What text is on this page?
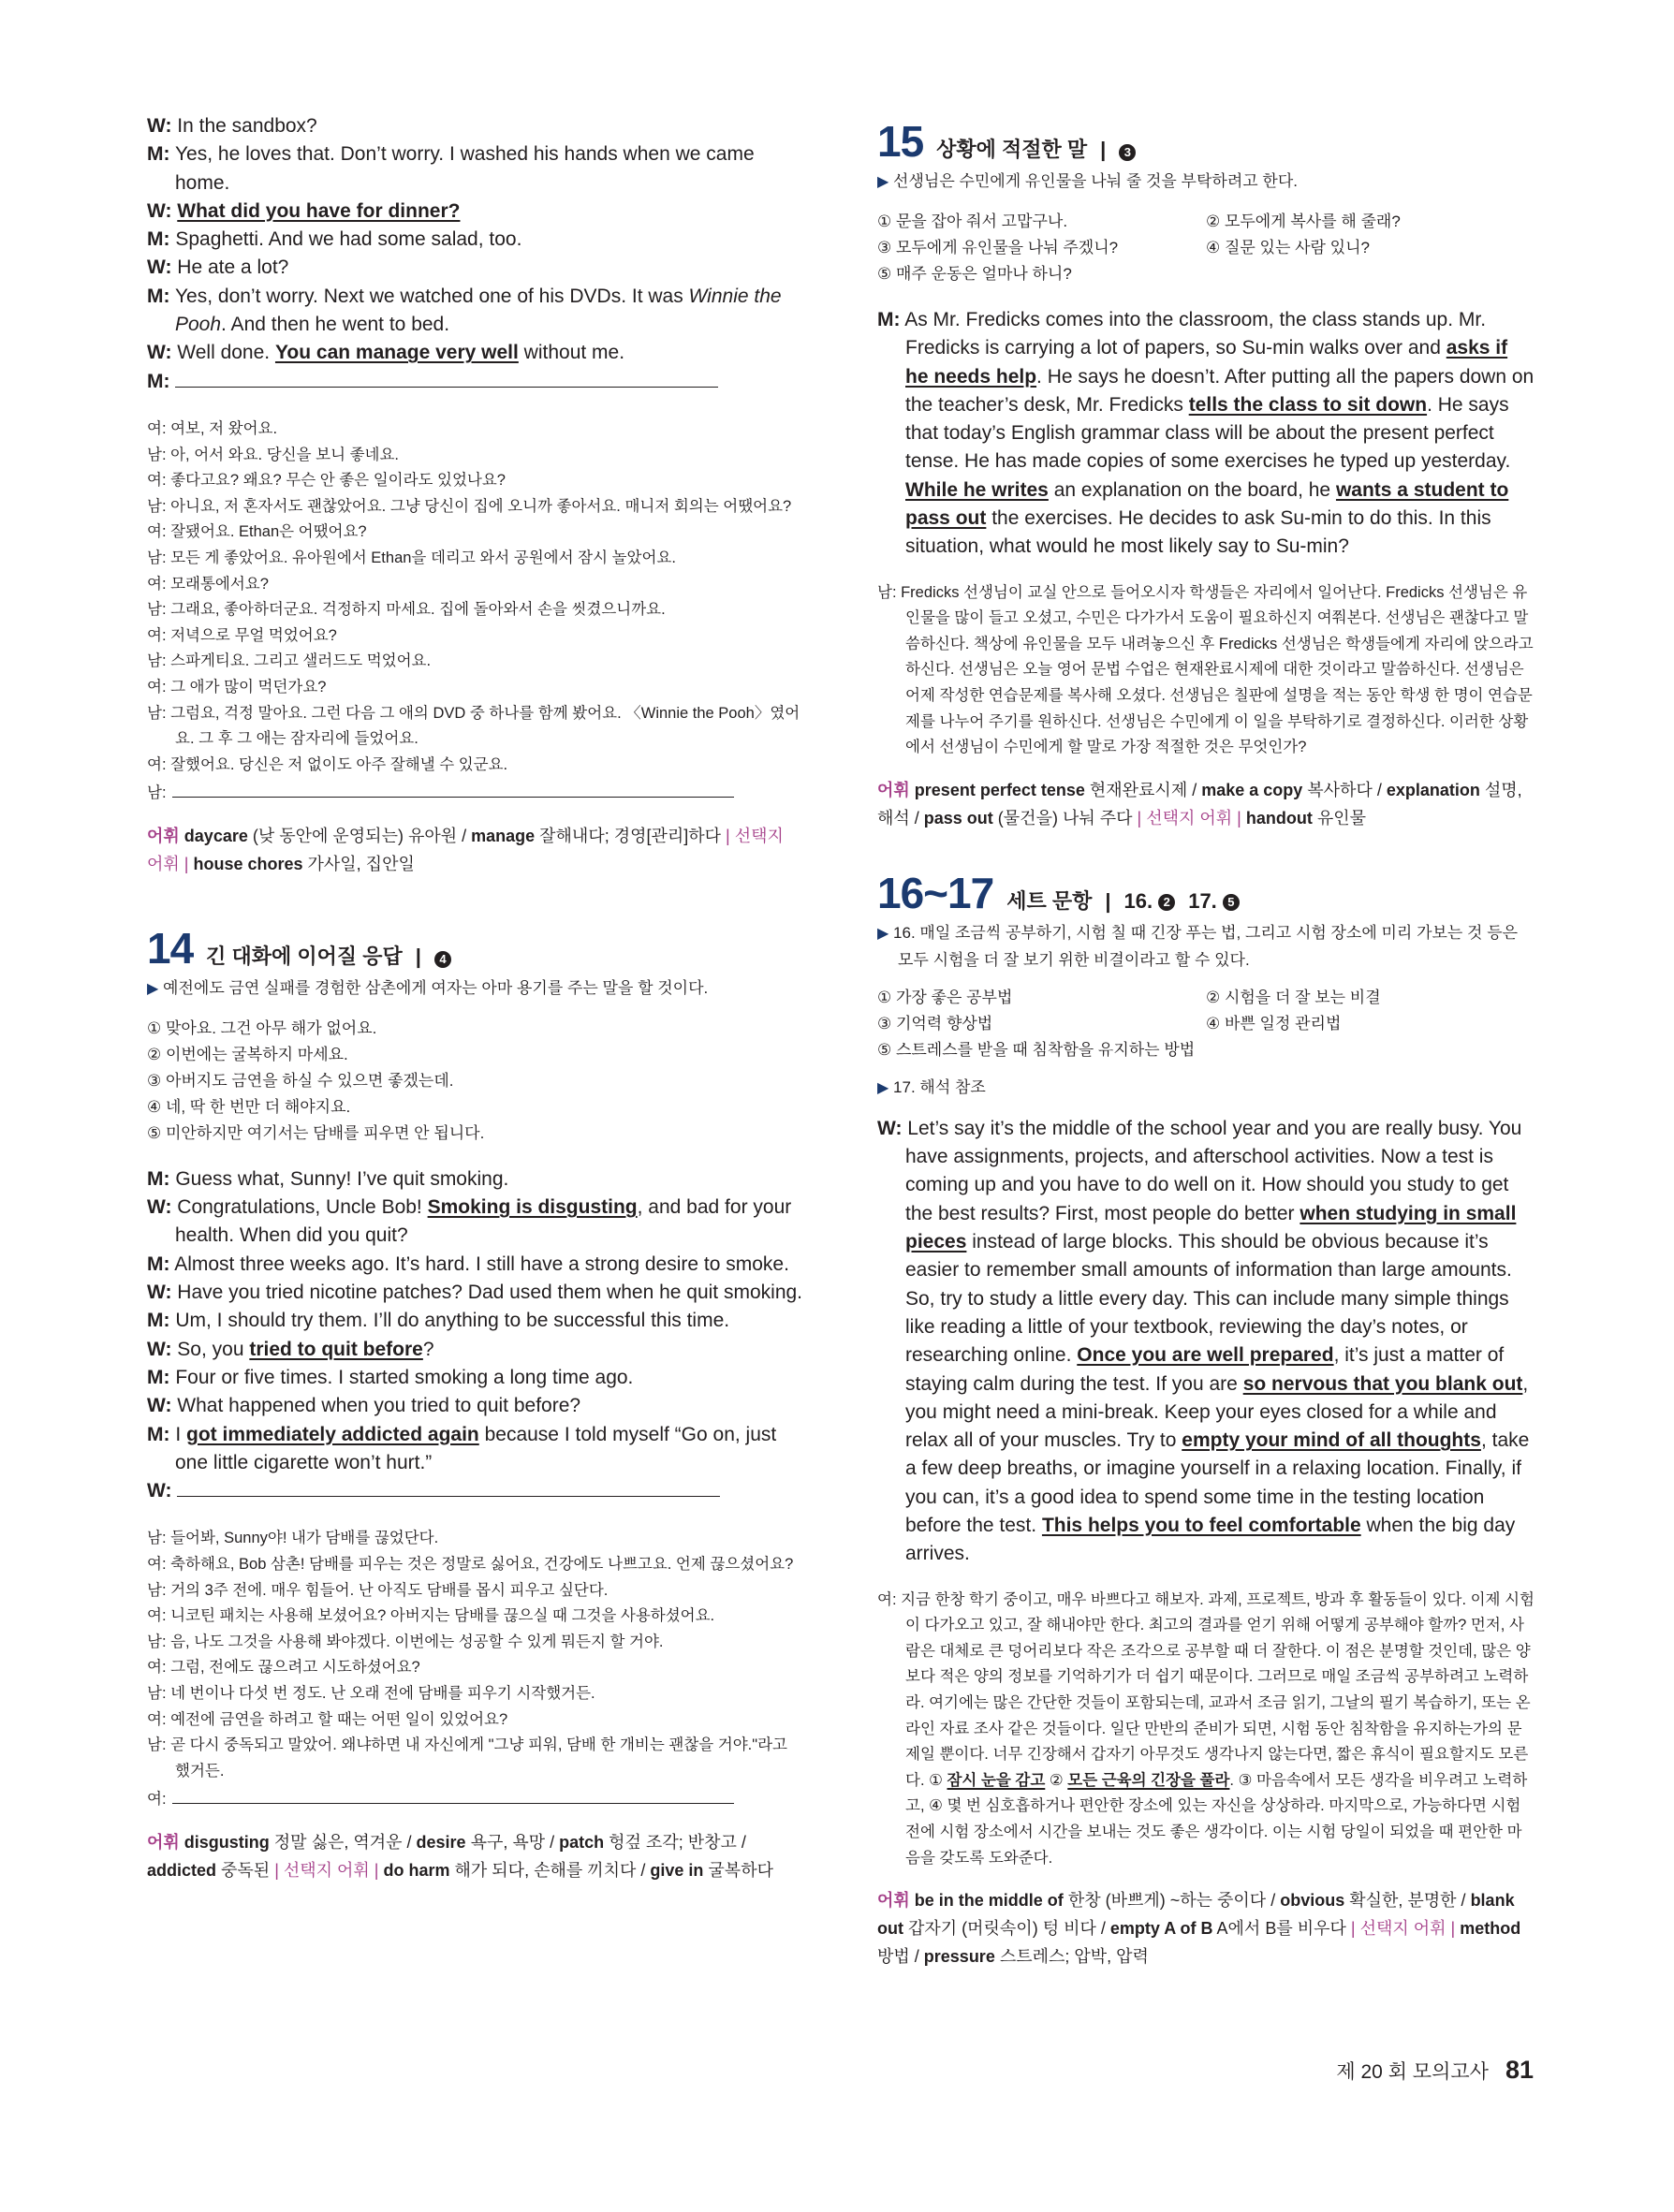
W: In the sandbox?

M: Yes, he loves that. Don’t worry. I washed his hands when we came home.

W: What did you have for dinner?

M: Spaghetti. And we had some salad, too.

W: He ate a lot?

M: Yes, don’t worry. Next we watched one of his DVDs. It was Winnie the Pooh. And then he went to bed.

W: Well done. You can manage very well without me.

M:

여: 여보, 저 왔어요.

남: 아, 어서 와요. 당신을 보니 좋네요.

여: 좋다고요? 왜요? 무슨 안 좋은 일이라도 있었나요?

남: 아니요, 저 혼자서도 괜찮았어요. 그냥 당신이 집에 오니까 좋아서요. 매니저 회의는 어땠어요?

여: 잘됐어요. Ethan은 어땠어요?

남: 모든 게 좋았어요. 유아원에서 Ethan을 데리고 와서 공원에서 잠시 놀았어요.

여: 모래통에서요?

남: 그래요, 좋아하더군요. 걱정하지 마세요. 집에 돌아와서 손을 씻겼으니까요.

여: 저녁으로 무얼 먹었어요?

남: 스파게티요. 그리고 샐러드도 먹었어요.

여: 그 애가 많이 먹던가요?

남: 그럼요, 걱정 말아요. 그런 다음 그 애의 DVD 중 하나를 함께 봤어요. 〈Winnie the Pooh〉였어요. 그 후 그 애는 잠자리에 들었어요.

여: 잘했어요. 당신은 저 없이도 아주 잘해낼 수 있군요.

남:

어휘 daycare (낮 동안에 운영되는) 유아원 / manage 잘해내다; 경영[관리]하다 | 선택지 어휘 | house chores 가사일, 집안일

14 긴 대화에 이어질 응답 |	4

▶ 예전에도 금연 실패를 경험한 삼촌에게 여자는 아마 용기를 주는 말을 할 것이다.

① 맞아요. 그건 아무 해가 없어요.
② 이번에는 굴복하지 마세요.
③ 아버지도 금연을 하실 수 있으면 좋겠는데.
④ 네, 딱 한 번만 더 해야지요.
⑤ 미안하지만 여기서는 담배를 피우면 안 됩니다.

M: Guess what, Sunny! I’ve quit smoking.

W: Congratulations, Uncle Bob! Smoking is disgusting, and bad for your health. When did you quit?

M: Almost three weeks ago. It’s hard. I still have a strong desire to smoke.

W: Have you tried nicotine patches? Dad used them when he quit smoking.

M: Um, I should try them. I’ll do anything to be successful this time.

W: So, you tried to quit before?

M: Four or five times. I started smoking a long time ago.

W: What happened when you tried to quit before?

M: I got immediately addicted again because I told myself “Go on, just one little cigarette won’t hurt.”

W:

남: 들어봐, Sunny야! 내가 담배를 끊었단다.

여: 축하해요, Bob 삼촌! 담배를 피우는 것은 정말로 싫어요, 건강에도 나쁘고요. 언제 끊으셨어요?

남: 거의 3주 전에. 매우 힘들어. 난 아직도 담배를 몹시 피우고 싶단다.

여: 니코틴 패치는 사용해 보셨어요? 아버지는 담배를 끊으실 때 그것을 사용하셨어요.

남: 음, 나도 그것을 사용해 봐야겠다. 이번에는 성공할 수 있게 뭐든지 할 거야.

여: 그럼, 전에도 끊으려고 시도하셨어요?

남: 네 번이나 다섯 번 정도. 난 오래 전에 담배를 피우기 시작했거든.

여: 예전에 금연을 하려고 할 때는 어떤 일이 있었어요?

남: 곧 다시 중독되고 말았어. 왜냐하면 내 자신에게 "그냥 피워, 담배 한 개비는 괜찮을 거야."라고 했거든.

여:

어휘 disgusting 정말 싫은, 역겨운 / desire 욕구, 욕망 / patch 헝겊 조각; 반창고 / addicted 중독된 | 선택지 어휘 | do harm 해가 되다, 손해를 끼치다 / give in 굴복하다

15 상황에 적절한 말 |	3

▶ 선생님은 수민에게 유인물을 나눠 줄 것을 부탁하려고 한다.

① 문을 잡아 줘서 고맙구나.	② 모두에게 복사를 해 줄래?
③ 모두에게 유인물을 나눠 주겠니?	④ 질문 있는 사람 있니?
⑤ 매주 운동은 얼마나 하니?

M: As Mr. Fredicks comes into the classroom, the class stands up. Mr. Fredicks is carrying a lot of papers, so Su-min walks over and asks if he needs help. He says he doesn’t. After putting all the papers down on the teacher’s desk, Mr. Fredicks tells the class to sit down. He says that today’s English grammar class will be about the present perfect tense. He has made copies of some exercises he typed up yesterday. While he writes an explanation on the board, he wants a student to pass out the exercises. He decides to ask Su-min to do this. In this situation, what would he most likely say to Su-min?

남: Fredicks 선생님이 교실 안으로 들어오시자 학생들은 자리에서 일어난다. Fredicks 선생님은 유인물을 많이 들고 오셨고, 수민은 다가가서 도움이 필요하신지 여쭤본다. 선생님은 괜찮다고 말씀하신다. 책상에 유인물을 모두 내려놓으신 후 Fredicks 선생님은 학생들에게 자리에 앉으라고 하신다. 선생님은 오늘 영어 문법 수업은 현재완료시제에 대한 것이라고 말씀하신다. 선생님은 어제 작성한 연습문제를 복사해 오셨다. 선생님은 칠판에 설명을 적는 동안 학생 한 명이 연습문제를 나누어 주기를 원하신다. 선생님은 수민에게 이 일을 부탁하기로 결정하신다. 이러한 상황에서 선생님이 수민에게 할 말로 가장 적절한 것은 무엇인가?

어휘 present perfect tense 현재완료시제 / make a copy 복사하다 / explanation 설명, 해석 / pass out (물건을) 나눠 주다 | 선택지 어휘 | handout 유인물

16~17 세트 문항 | 16. 2 17. 5

▶ 16. 매일 조금씩 공부하기, 시험 칠 때 긴장 푸는 법, 그리고 시험 장소에 미리 가보는 것 등은 모두 시험을 더 잘 보기 위한 비결이라고 할 수 있다.

① 가장 좋은 공부법	② 시험을 더 잘 보는 비결
③ 기억력 향상법	④ 바쁜 일정 관리법
⑤ 스트레스를 받을 때 침착함을 유지하는 방법

▶ 17. 해석 참조

W: Let’s say it’s the middle of the school year and you are really busy. You have assignments, projects, and afterschool activities. Now a test is coming up and you have to do well on it. How should you study to get the best results? First, most people do better when studying in small pieces instead of large blocks. This should be obvious because it’s easier to remember small amounts of information than large amounts. So, try to study a little every day. This can include many simple things like reading a little of your textbook, reviewing the day’s notes, or researching online. Once you are well prepared, it’s just a matter of staying calm during the test. If you are so nervous that you blank out, you might need a mini-break. Keep your eyes closed for a while and relax all of your muscles. Try to empty your mind of all thoughts, take a few deep breaths, or imagine yourself in a relaxing location. Finally, if you can, it’s a good idea to spend some time in the testing location before the test. This helps you to feel comfortable when the big day arrives.

여: 지금 한창 학기 중이고, 매우 바쁘다고 해보자. 과제, 프로젝트, 방과 후 활동들이 있다. 이제 시험이 다가오고 있고, 잘 해내야만 한다. 최고의 결과를 얻기 위해 어떻게 공부해야 할까? 먼저, 사람은 대체로 큰 덩어리보다 작은 조각으로 공부할 때 더 잘한다. 이 점은 분명할 것인데, 많은 양보다 적은 양의 정보를 기억하기가 더 쉽기 때문이다. 그러므로 매일 조금씩 공부하려고 노력하라. 여기에는 많은 간단한 것들이 포함되는데, 교과서 조금 읽기, 그날의 필기 복습하기, 또는 온라인 자료 조사 같은 것들이다. 일단 만반의 준비가 되면, 시험 동안 침착함을 유지하는가의 문제일 뿐이다. 너무 긴장해서 갑자기 아무것도 생각나지 않는다면, 짧은 휴식이 필요할지도 모른다. ① 잠시 눈을 감고 ② 모든 근육의 긴장을 풀라. ③ 마음속에서 모든 생각을 비우려고 노력하고, ④ 몇 번 심호흡하거나 편안한 장소에 있는 자신을 상상하라. 마지막으로, 가능하다면 시험 전에 시험 장소에서 시간을 보내는 것도 좋은 생각이다. 이는 시험 당일이 되었을 때 편안한 마음을 갖도록 도와준다.

어휘 be in the middle of 한창 (바쁘게) ~하는 중이다 / obvious 확실한, 분명한 / blank out 갑자기 (머릿속이) 텅 비다 / empty A of B A에서 B를 비우다 | 선택지 어휘 | method 방법 / pressure 스트레스; 압박, 압력

제 20 회 모의고사 81
